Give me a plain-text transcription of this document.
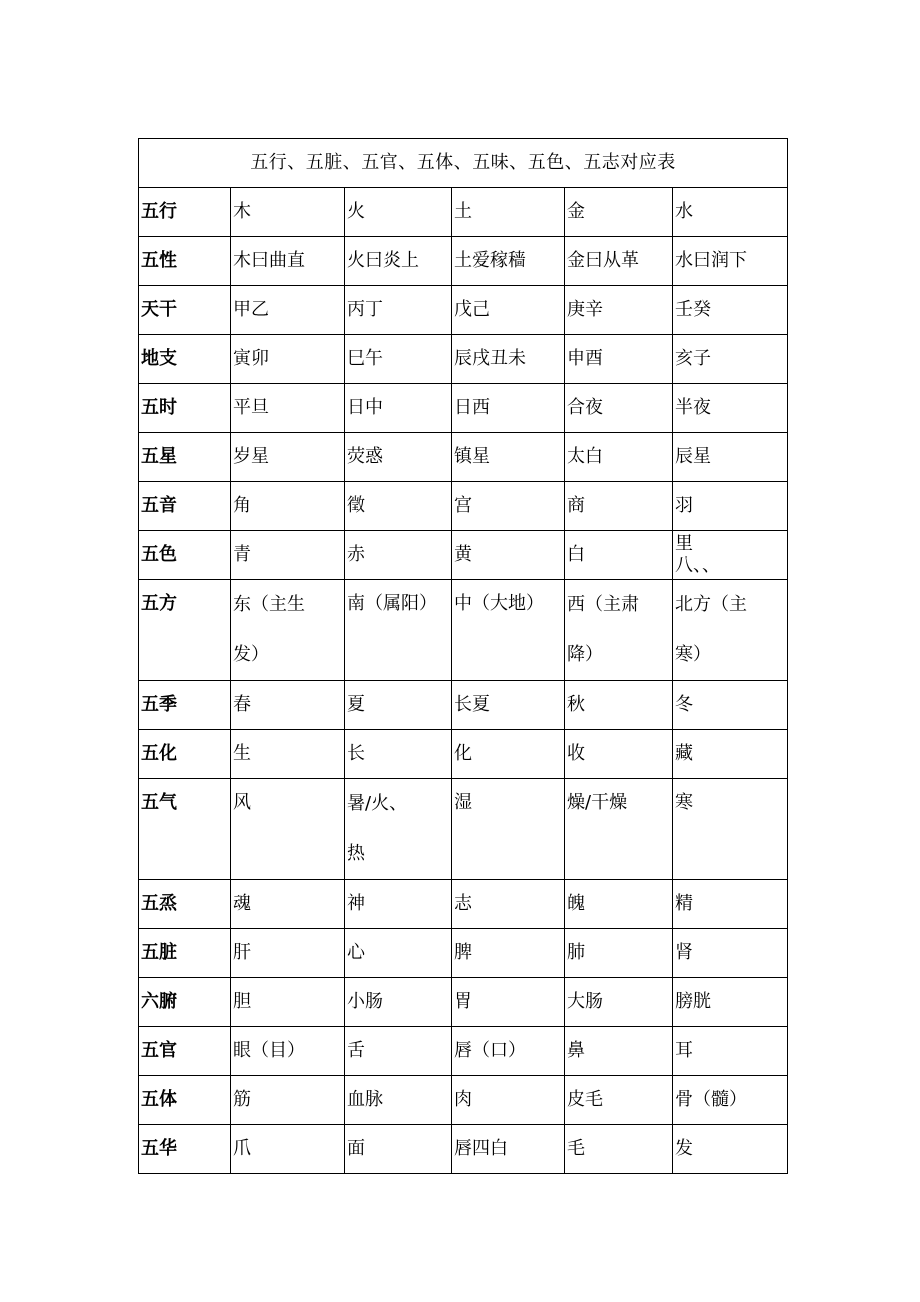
五行、五脏、五官、五体、五味、五色、五志对应表					

五行	木	火	土	金	水

五性	木曰曲直	火曰炎上	土爱稼穑	金曰从革	水曰润下

天干	甲乙	丙丁	戊己	庚辛	壬癸

地支	寅卯	巳午	辰戌丑未	申酉	亥子

五时	平旦	日中	日西	合夜	半夜

五星	岁星	荧惑	镇星	太白	辰星

五音	角	徵	宫	商	羽

五色	青	赤	黄	白	里
八、、

五方	东（主生
发）	南（属阳）	中（大地）	西（主肃
降）	北方（主
寒）

五季	春	夏	长夏	秋	冬

五化	生	长	化	收	藏

五气	风	暑/火、
热	湿	燥/干燥	寒

五烝	魂	神	志	魄	精

五脏	肝	心	脾	肺	肾

六腑	胆	小肠	胃	大肠	膀胱

五官	眼（目）	舌	唇（口）	鼻	耳

五体	筋	血脉	肉	皮毛	骨（髓）

五华	爪	面	唇四白	毛	发
